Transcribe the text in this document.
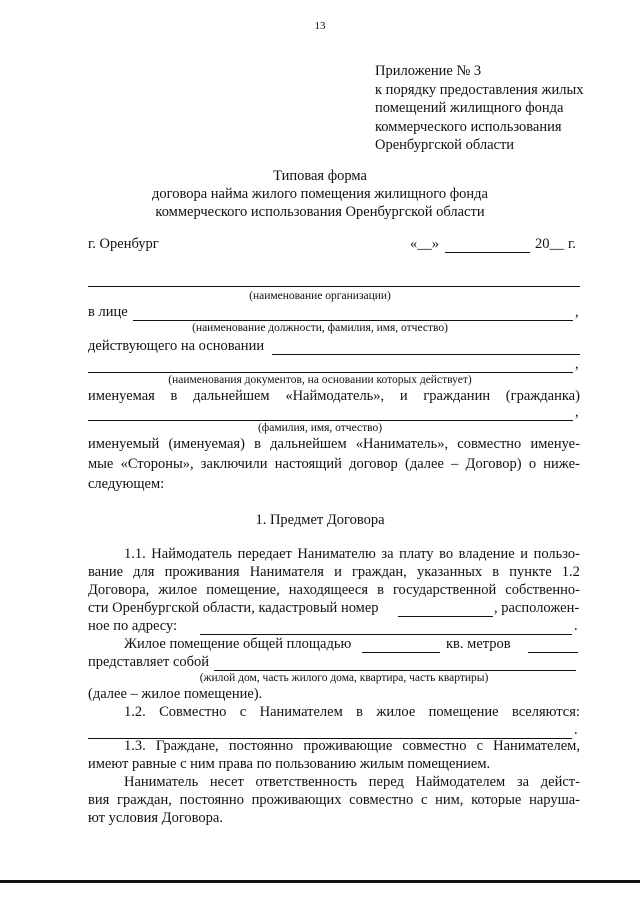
13
Приложение № 3
к порядку предоставления жилых
помещений жилищного фонда
коммерческого использования
Оренбургской области
Типовая форма
договора найма жилого помещения жилищного фонда
коммерческого использования Оренбургской области
г. Оренбург	«__»	20__ г.
(наименование организации)
в лице	,
(наименование должности, фамилия, имя, отчество)
действующего на основании
,
(наименования документов, на основании которых действует)
именуемая в дальнейшем «Наймодатель», и гражданин (гражданка)
,
(фамилия, имя, отчество)
именуемый (именуемая) в дальнейшем «Наниматель», совместно именуе-
мые «Стороны», заключили настоящий договор (далее – Договор) о ниже-
следующем:
1. Предмет Договора
1.1. Наймодатель передает Нанимателю за плату во владение и пользо-
вание для проживания Нанимателя и граждан, указанных в пункте 1.2
Договора, жилое помещение, находящееся в государственной собственно-
сти Оренбургской области, кадастровый номер	, расположен-
ное по адресу:	.
Жилое помещение общей площадью	кв. метров
представляет собой
(жилой дом, часть жилого дома, квартира, часть квартиры)
(далее – жилое помещение).
1.2. Совместно с Нанимателем в жилое помещение вселяются:
.
1.3. Граждане, постоянно проживающие совместно с Нанимателем,
имеют равные с ним права по пользованию жилым помещением.
Наниматель несет ответственность перед Наймодателем за дейст-
вия граждан, постоянно проживающих совместно с ним, которые наруша-
ют условия Договора.
